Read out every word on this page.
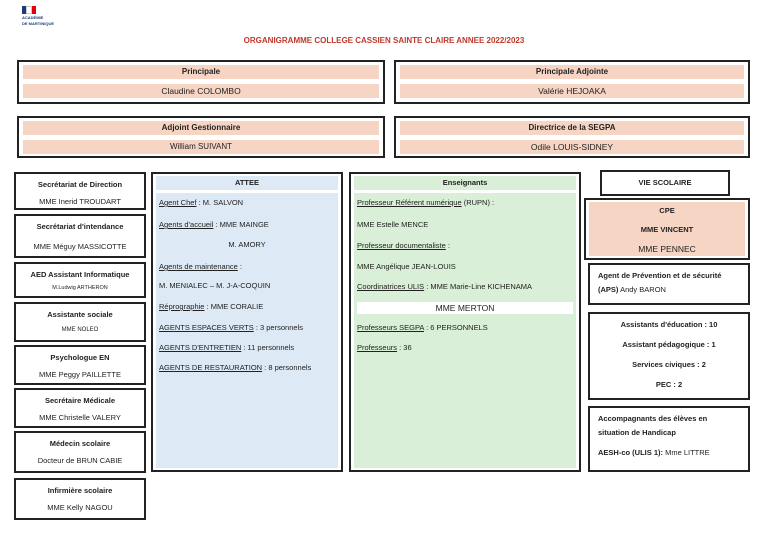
ACADÉMIE
DE MARTINIQUE
ORGANIGRAMME COLLEGE CASSIEN SAINTE CLAIRE ANNEE 2022/2023
Principale
Claudine COLOMBO
Principale Adjointe
Valérie HEJOAKA
Adjoint Gestionnaire
William SUIVANT
Directrice de la SEGPA
Odile LOUIS-SIDNEY
Secrétariat de Direction
MME Inerid TROUDART
Secrétariat d'intendance
MME Méguy MASSICOTTE
AED Assistant Informatique
M.Ludwig ARTHERON
Assistante sociale
MME NOLEO
Psychologue EN
MME Peggy PAILLETTE
Secrétaire Médicale
MME Christelle VALERY
Médecin scolaire
Docteur de BRUN CABIE
Infirmière scolaire
MME Kelly NAGOU
ATTEE
Agent Chef : M. SALVON
Agents d'accueil : MME MAINGE
M. AMORY
Agents de maintenance :
M. MENIALEC – M. J-A-COQUIN
Réprographie : MME CORALIE
AGENTS ESPACES VERTS : 3 personnels
AGENTS D'ENTRETIEN : 11 personnels
AGENTS DE RESTAURATION : 8 personnels
Enseignants
Professeur Référent numérique (RUPN) :
MME Estelle MENCE
Professeur documentaliste :
MME Angélique JEAN-LOUIS
Coordinatrices ULIS : MME Marie-Line KICHENAMA
MME MERTON
Professeurs SEGPA : 6 PERSONNELS
Professeurs : 36
VIE SCOLAIRE
CPE
MME VINCENT
MME PENNEC
Agent de Prévention et de sécurité
(APS) Andy BARON
Assistants d'éducation : 10
Assistant pédagogique : 1
Services civiques : 2
PEC : 2
Accompagnants des élèves en
situation de Handicap
AESH-co (ULIS 1): Mme LITTRE
